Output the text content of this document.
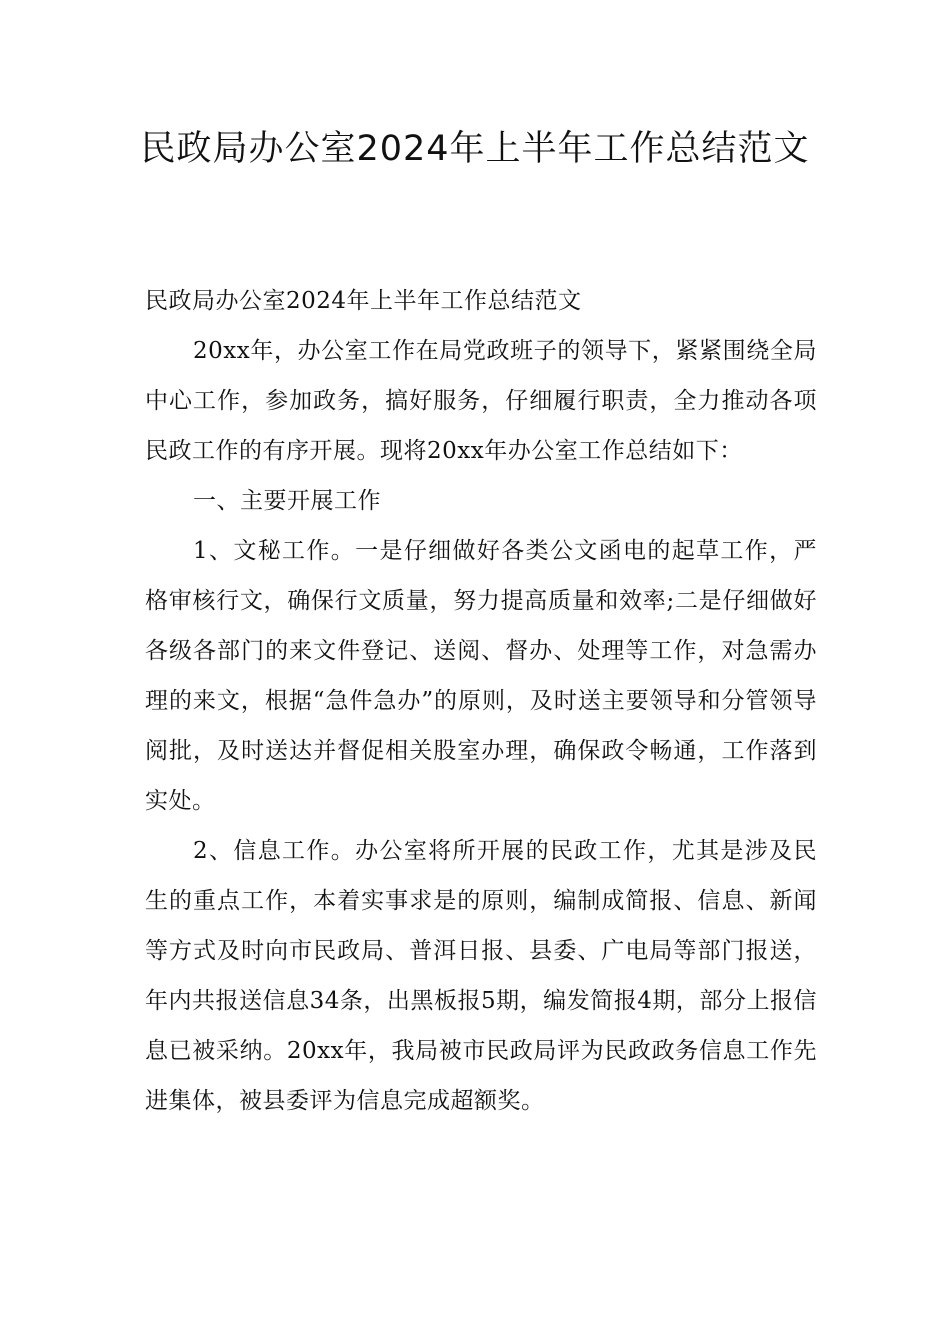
民政局办公室2024年上半年工作总结范文

民政局办公室2024年上半年工作总结范文

20xx年，办公室工作在局党政班子的领导下，紧紧围绕全局中心工作，参加政务，搞好服务，仔细履行职责，全力推动各项民政工作的有序开展。现将20xx年办公室工作总结如下：

一、主要开展工作

1、文秘工作。一是仔细做好各类公文函电的起草工作，严格审核行文，确保行文质量，努力提高质量和效率;二是仔细做好各级各部门的来文件登记、送阅、督办、处理等工作，对急需办理的来文，根据“急件急办”的原则，及时送主要领导和分管领导阅批，及时送达并督促相关股室办理，确保政令畅通，工作落到实处。

2、信息工作。办公室将所开展的民政工作，尤其是涉及民生的重点工作，本着实事求是的原则，编制成简报、信息、新闻等方式及时向市民政局、普洱日报、县委、广电局等部门报送，年内共报送信息34条，出黑板报5期，编发简报4期，部分上报信息已被采纳。20xx年，我局被市民政局评为民政政务信息工作先进集体，被县委评为信息完成超额奖。
